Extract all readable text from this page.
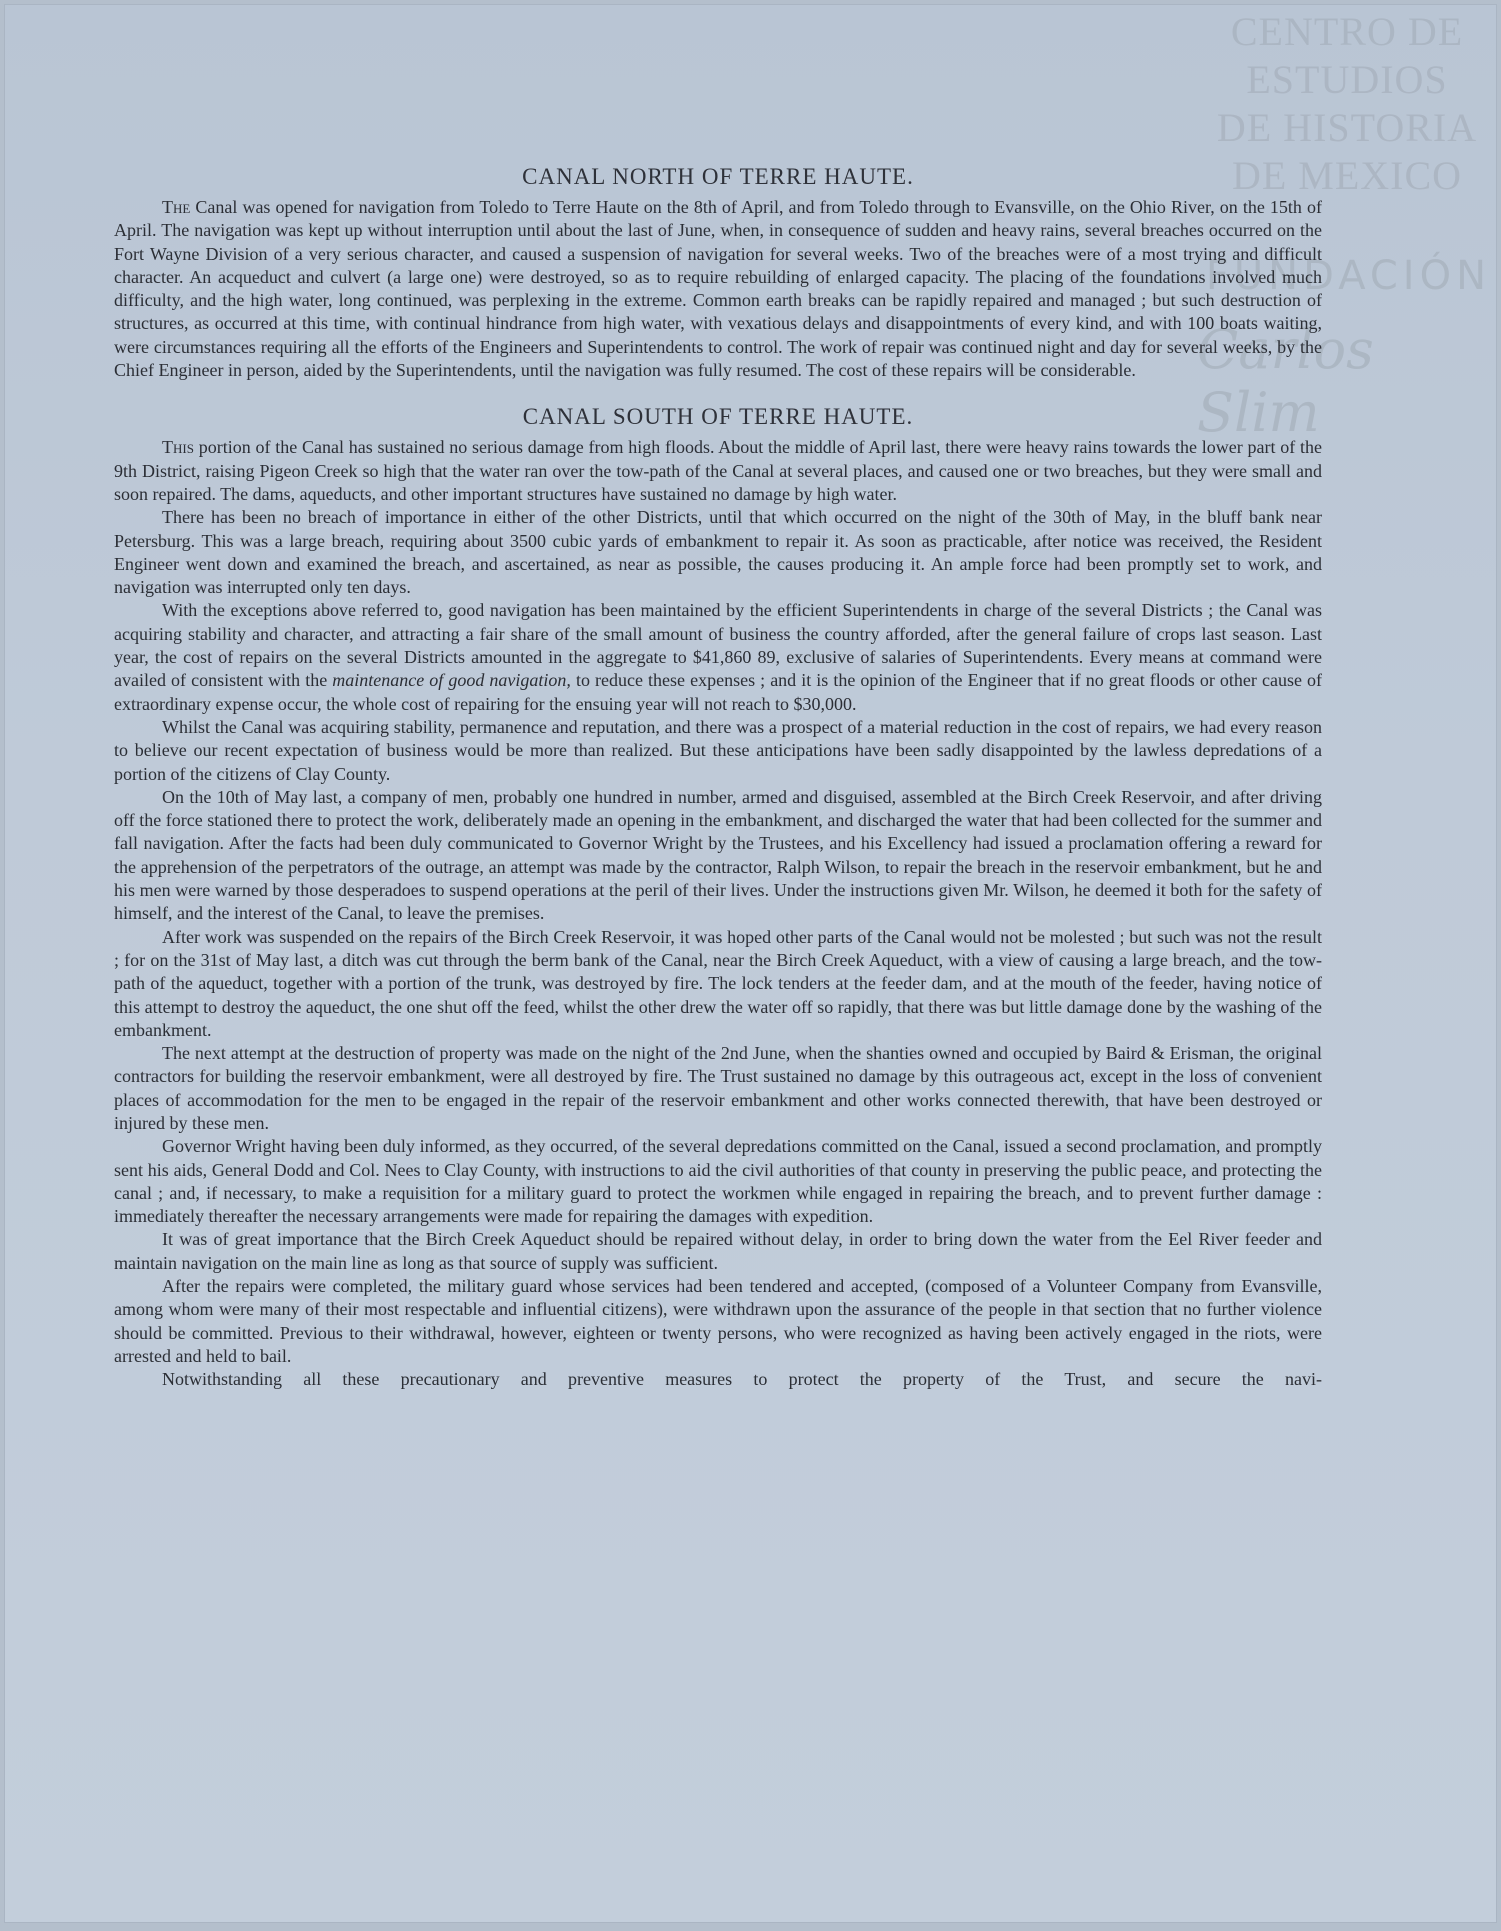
CENTRO DE
ESTUDIOS
DE HISTORIA
DE MEXICO
FUNDACIÓN
Carlos Slim
CANAL NORTH OF TERRE HAUTE.

The Canal was opened for navigation from Toledo to Terre Haute on the 8th of April, and from Toledo through to Evansville, on the Ohio River, on the 15th of April. The navigation was kept up without interruption until about the last of June, when, in consequence of sudden and heavy rains, several breaches occurred on the Fort Wayne Division of a very serious character, and caused a suspension of navigation for several weeks. Two of the breaches were of a most trying and difficult character. An acqueduct and culvert (a large one) were destroyed, so as to require rebuilding of enlarged capacity. The placing of the foundations involved much difficulty, and the high water, long continued, was perplexing in the extreme. Common earth breaks can be rapidly repaired and managed ; but such destruction of structures, as occurred at this time, with continual hindrance from high water, with vexatious delays and disappointments of every kind, and with 100 boats waiting, were circumstances requiring all the efforts of the Engineers and Superintendents to control. The work of repair was continued night and day for several weeks, by the Chief Engineer in person, aided by the Superintendents, until the navigation was fully resumed. The cost of these repairs will be considerable.

CANAL SOUTH OF TERRE HAUTE.

This portion of the Canal has sustained no serious damage from high floods. About the middle of April last, there were heavy rains towards the lower part of the 9th District, raising Pigeon Creek so high that the water ran over the tow-path of the Canal at several places, and caused one or two breaches, but they were small and soon repaired. The dams, aqueducts, and other important structures have sustained no damage by high water.

There has been no breach of importance in either of the other Districts, until that which occurred on the night of the 30th of May, in the bluff bank near Petersburg. This was a large breach, requiring about 3500 cubic yards of embankment to repair it. As soon as practicable, after notice was received, the Resident Engineer went down and examined the breach, and ascertained, as near as possible, the causes producing it. An ample force had been promptly set to work, and navigation was interrupted only ten days.

With the exceptions above referred to, good navigation has been maintained by the efficient Superintendents in charge of the several Districts ; the Canal was acquiring stability and character, and attracting a fair share of the small amount of business the country afforded, after the general failure of crops last season. Last year, the cost of repairs on the several Districts amounted in the aggregate to $41,860 89, exclusive of salaries of Superintendents. Every means at command were availed of consistent with the maintenance of good navigation, to reduce these expenses ; and it is the opinion of the Engineer that if no great floods or other cause of extraordinary expense occur, the whole cost of repairing for the ensuing year will not reach to $30,000.

Whilst the Canal was acquiring stability, permanence and reputation, and there was a prospect of a material reduction in the cost of repairs, we had every reason to believe our recent expectation of business would be more than realized. But these anticipations have been sadly disappointed by the lawless depredations of a portion of the citizens of Clay County.

On the 10th of May last, a company of men, probably one hundred in number, armed and disguised, assembled at the Birch Creek Reservoir, and after driving off the force stationed there to protect the work, deliberately made an opening in the embankment, and discharged the water that had been collected for the summer and fall navigation. After the facts had been duly communicated to Governor Wright by the Trustees, and his Excellency had issued a proclamation offering a reward for the apprehension of the perpetrators of the outrage, an attempt was made by the contractor, Ralph Wilson, to repair the breach in the reservoir embankment, but he and his men were warned by those desperadoes to suspend operations at the peril of their lives. Under the instructions given Mr. Wilson, he deemed it both for the safety of himself, and the interest of the Canal, to leave the premises.

After work was suspended on the repairs of the Birch Creek Reservoir, it was hoped other parts of the Canal would not be molested ; but such was not the result ; for on the 31st of May last, a ditch was cut through the berm bank of the Canal, near the Birch Creek Aqueduct, with a view of causing a large breach, and the tow-path of the aqueduct, together with a portion of the trunk, was destroyed by fire. The lock tenders at the feeder dam, and at the mouth of the feeder, having notice of this attempt to destroy the aqueduct, the one shut off the feed, whilst the other drew the water off so rapidly, that there was but little damage done by the washing of the embankment.

The next attempt at the destruction of property was made on the night of the 2nd June, when the shanties owned and occupied by Baird & Erisman, the original contractors for building the reservoir embankment, were all destroyed by fire. The Trust sustained no damage by this outrageous act, except in the loss of convenient places of accommodation for the men to be engaged in the repair of the reservoir embankment and other works connected therewith, that have been destroyed or injured by these men.

Governor Wright having been duly informed, as they occurred, of the several depredations committed on the Canal, issued a second proclamation, and promptly sent his aids, General Dodd and Col. Nees to Clay County, with instructions to aid the civil authorities of that county in preserving the public peace, and protecting the canal ; and, if necessary, to make a requisition for a military guard to protect the workmen while engaged in repairing the breach, and to prevent further damage : immediately thereafter the necessary arrangements were made for repairing the damages with expedition.

It was of great importance that the Birch Creek Aqueduct should be repaired without delay, in order to bring down the water from the Eel River feeder and maintain navigation on the main line as long as that source of supply was sufficient.

After the repairs were completed, the military guard whose services had been tendered and accepted, (composed of a Volunteer Company from Evansville, among whom were many of their most respectable and influential citizens), were withdrawn upon the assurance of the people in that section that no further violence should be committed. Previous to their withdrawal, however, eighteen or twenty persons, who were recognized as having been actively engaged in the riots, were arrested and held to bail.

Notwithstanding all these precautionary and preventive measures to protect the property of the Trust, and secure the navi-
